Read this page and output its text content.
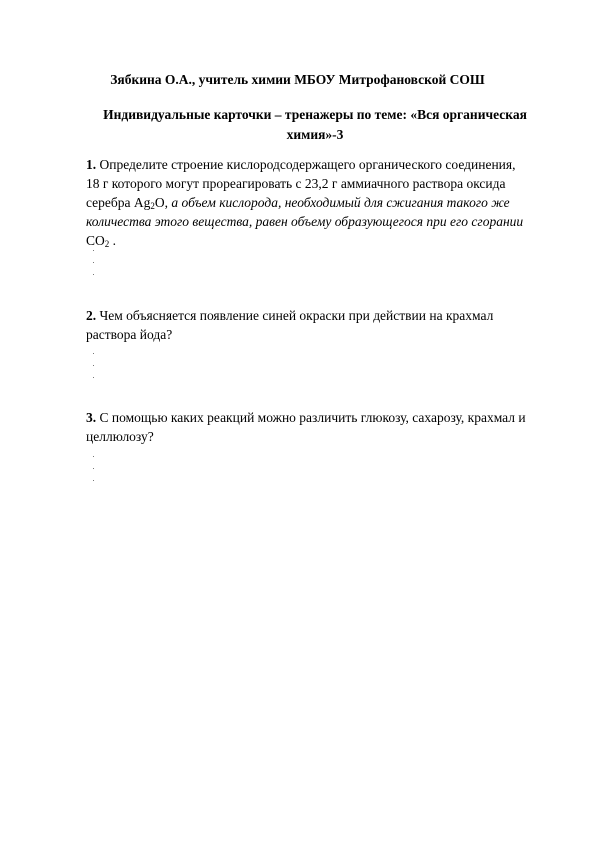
Зябкина О.А., учитель химии МБОУ Митрофановской СОШ
Индивидуальные карточки – тренажеры по теме: «Вся органическая химия»-3
1. Определите строение кислородсодержащего органического соединения, 18 г которого могут прореагировать с 23,2 г аммиачного раствора оксида серебра $Ag_2O$, а объем кислорода, необходимый для сжигания такого же количества этого вещества, равен объему образующегося при его сгорании $CO_2$ .
2. Чем объясняется появление синей окраски при действии на крахмал раствора йода?
3. С помощью каких реакций можно различить глюкозу, сахарозу, крахмал и целлюлозу?
